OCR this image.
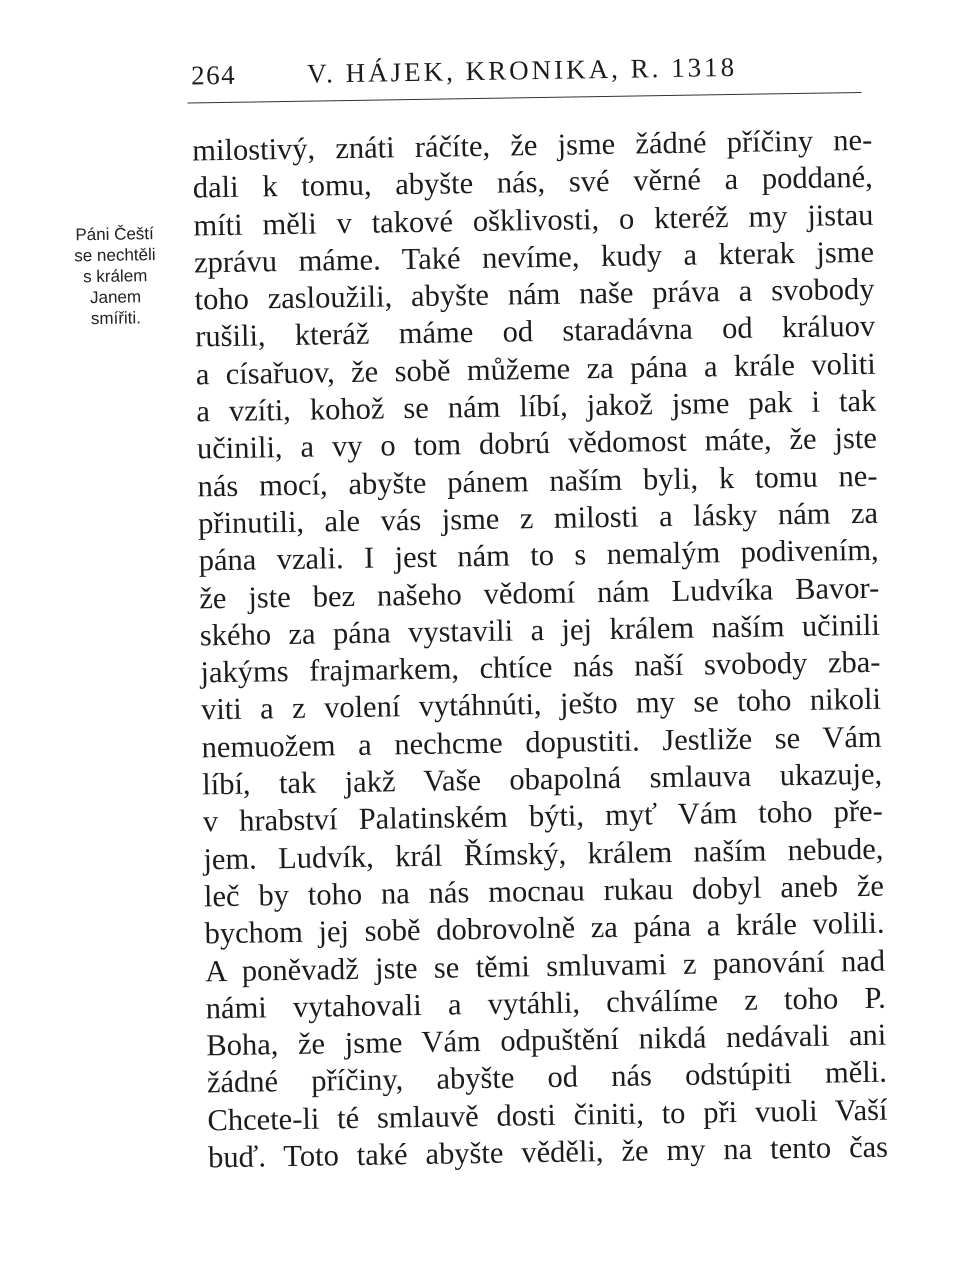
264	V. HÁJEK, KRONIKA, R. 1318
Páni Čeští
se nechtěli
s králem
Janem
smířiti.
milostivý, znáti ráčíte, že jsme žádné příčiny ne-
dali k tomu, abyšte nás, své věrné a poddané,
míti měli v takové ošklivosti, o kteréž my jistau
zprávu máme. Také nevíme, kudy a kterak jsme
toho zasloužili, abyšte nám naše práva a svobody
rušili, kteráž máme od staradávna od králuov
a císařuov, že sobě můžeme za pána a krále voliti
a vzíti, kohož se nám líbí, jakož jsme pak i tak
učinili, a vy o tom dobrú vědomost máte, že jste
nás mocí, abyšte pánem naším byli, k tomu ne-
přinutili, ale vás jsme z milosti a lásky nám za
pána vzali. I jest nám to s nemalým podivením,
že jste bez našeho vědomí nám Ludvíka Bavor-
ského za pána vystavili a jej králem naším učinili
jakýms frajmarkem, chtíce nás naší svobody zba-
viti a z volení vytáhnúti, ješto my se toho nikoli
nemuožem a nechcme dopustiti. Jestliže se Vám
líbí, tak jakž Vaše obapolná smlauva ukazuje,
v hrabství Palatinském býti, myť Vám toho pře-
jem. Ludvík, král Římský, králem naším nebude,
leč by toho na nás mocnau rukau dobyl aneb že
bychom jej sobě dobrovolně za pána a krále volili.
A poněvadž jste se těmi smluvami z panování nad
námi vytahovali a vytáhli, chválíme z toho P.
Boha, že jsme Vám odpuštění nikdá nedávali ani
žádné příčiny, abyšte od nás odstúpiti měli.
Chcete-li té smlauvě dosti činiti, to při vuoli Vaší
buď. Toto také abyšte věděli, že my na tento čas
